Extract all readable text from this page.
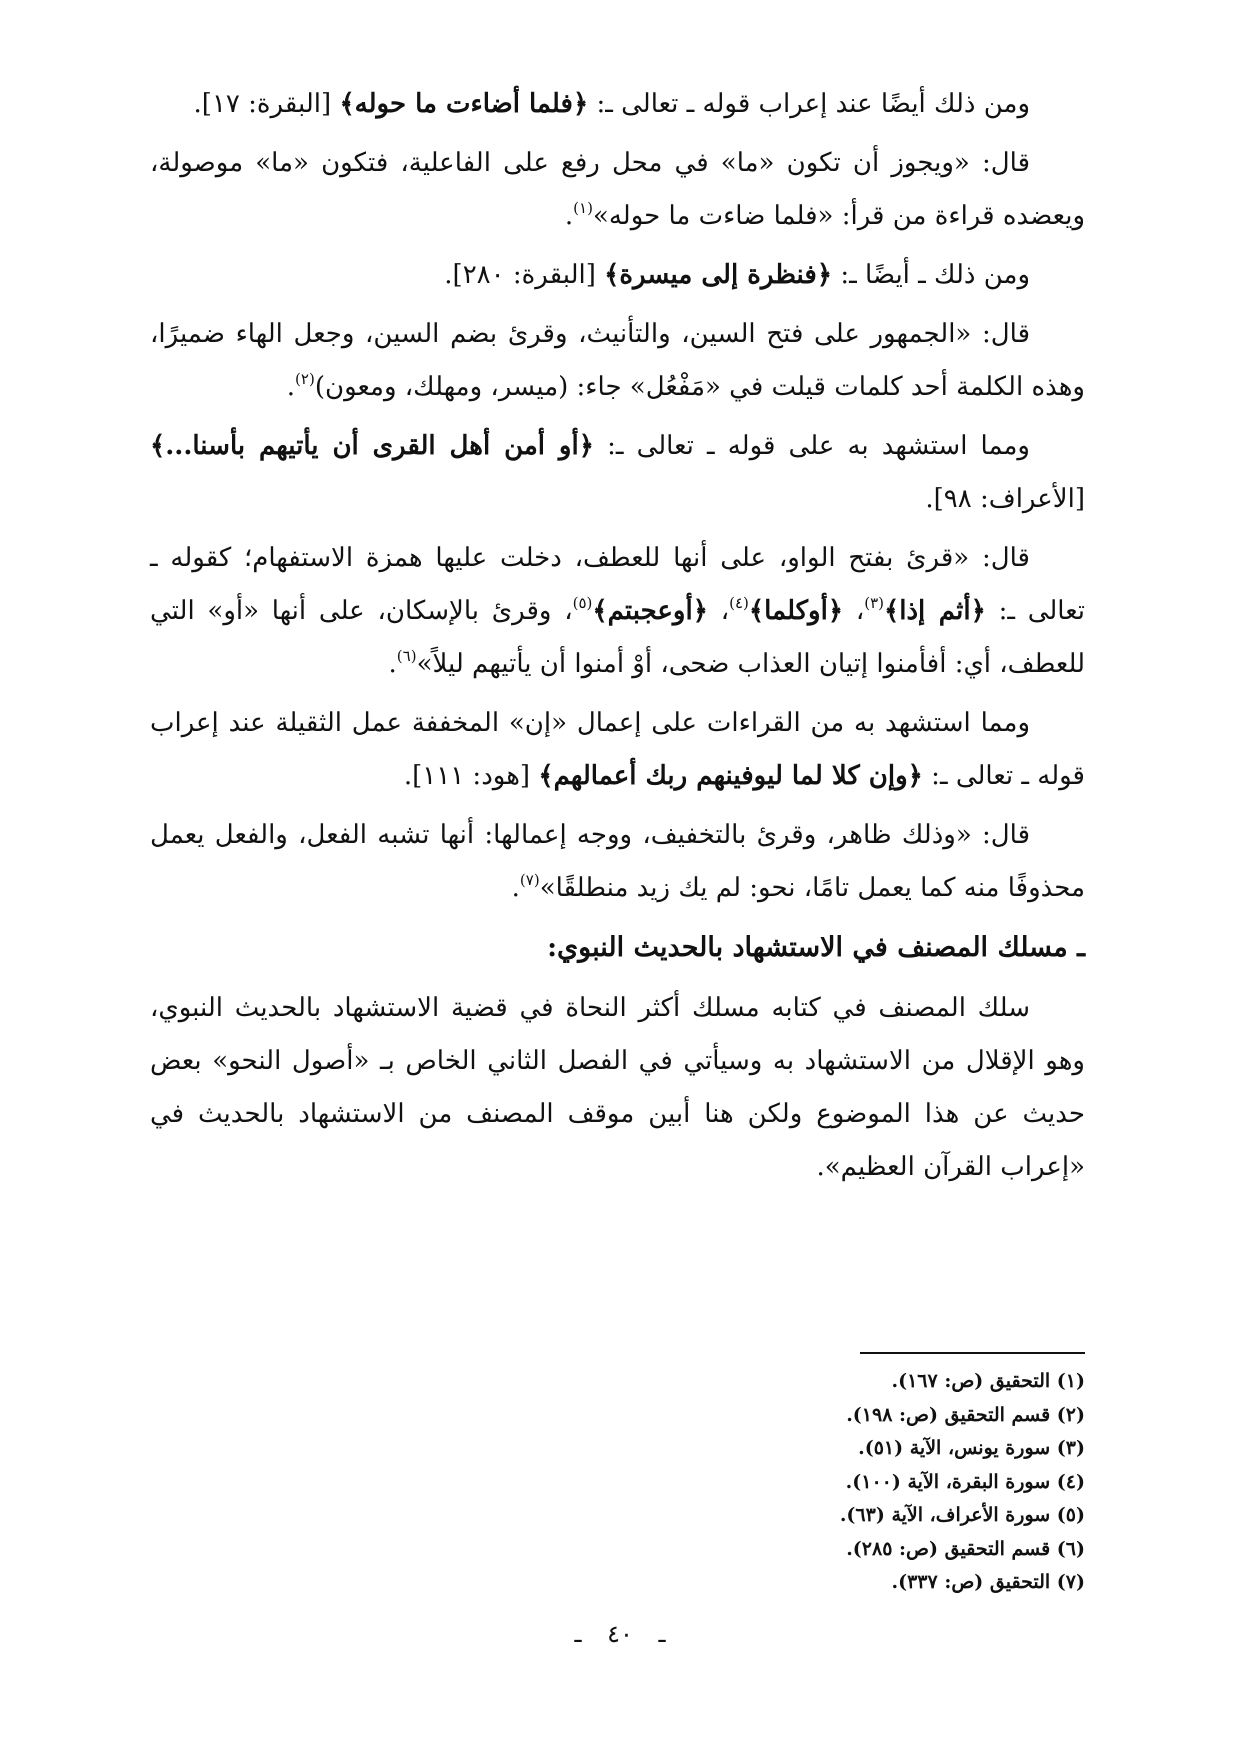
ومن ذلك أيضًا عند إعراب قوله ـ تعالى ـ: ﴿فلما أضاءت ما حوله﴾ [البقرة: ١٧].

قال: «ويجوز أن تكون «ما» في محل رفع على الفاعلية، فتكون «ما» موصولة، ويعضده قراءة من قرأ: «فلما ضاءت ما حوله»$^{(١)}$.

ومن ذلك ـ أيضًا ـ: ﴿فنظرة إلى ميسرة﴾ [البقرة: ٢٨٠].

قال: «الجمهور على فتح السين، والتأنيث، وقرئ بضم السين، وجعل الهاء ضميرًا، وهذه الكلمة أحد كلمات قيلت في «مَفْعُل» جاء: (ميسر، ومهلك، ومعون)$^{(٢)}$.

ومما استشهد به على قوله ـ تعالى ـ: ﴿أو أمن أهل القرى أن يأتيهم بأسنا...﴾ [الأعراف: ٩٨].

قال: «قرئ بفتح الواو، على أنها للعطف، دخلت عليها همزة الاستفهام؛ كقوله ـ تعالى ـ: ﴿أثم إذا﴾$^{(٣)}$، ﴿أوكلما﴾$^{(٤)}$، ﴿أوعجبتم﴾$^{(٥)}$، وقرئ بالإسكان، على أنها «أو» التي للعطف، أي: أفأمنوا إتيان العذاب ضحى، أوْ أمنوا أن يأتيهم ليلاً»$^{(٦)}$.

ومما استشهد به من القراءات على إعمال «إن» المخففة عمل الثقيلة عند إعراب قوله ـ تعالى ـ: ﴿وإن كلا لما ليوفينهم ربك أعمالهم﴾ [هود: ١١١].

قال: «وذلك ظاهر، وقرئ بالتخفيف، ووجه إعمالها: أنها تشبه الفعل، والفعل يعمل محذوفًا منه كما يعمل تامًا، نحو: لم يك زيد منطلقًا»$^{(٧)}$.

ـ مسلك المصنف في الاستشهاد بالحديث النبوي:

سلك المصنف في كتابه مسلك أكثر النحاة في قضية الاستشهاد بالحديث النبوي، وهو الإقلال من الاستشهاد به وسيأتي في الفصل الثاني الخاص بـ «أصول النحو» بعض حديث عن هذا الموضوع ولكن هنا أبين موقف المصنف من الاستشهاد بالحديث في «إعراب القرآن العظيم».

(١) التحقيق (ص: ١٦٧).
(٢) قسم التحقيق (ص: ١٩٨).
(٣) سورة يونس، الآية (٥١).
(٤) سورة البقرة، الآية (١٠٠).
(٥) سورة الأعراف، الآية (٦٣).
(٦) قسم التحقيق (ص: ٢٨٥).
(٧) التحقيق (ص: ٣٣٧).
ـ ٤٠ ـ
